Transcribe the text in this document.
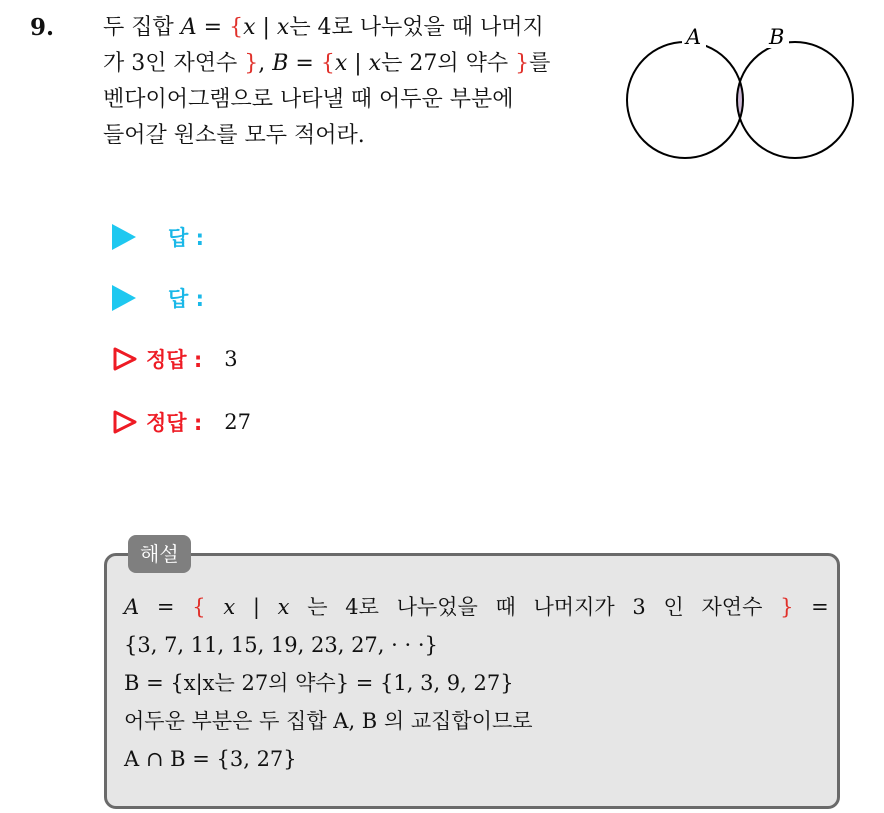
9. 두 집합 A = {x | x는 4로 나누었을 때 나머지
가 3인 자연수 }, B = {x | x는 27의 약수 }를
벤다이어그램으로 나타낼 때 어두운 부분에
들어갈 원소를 모두 적어라.
A	B
답 :
답 :
정답 : 3
정답 : 27
해설
A = { x | x 는 4로 나누었을 때 나머지가 3 인 자연수 } =
{3, 7, 11, 15, 19, 23, 27, · · ·}
B = {x|x는 27의 약수} = {1, 3, 9, 27}
어두운 부분은 두 집합 A, B 의 교집합이므로
A ∩ B = {3, 27}
